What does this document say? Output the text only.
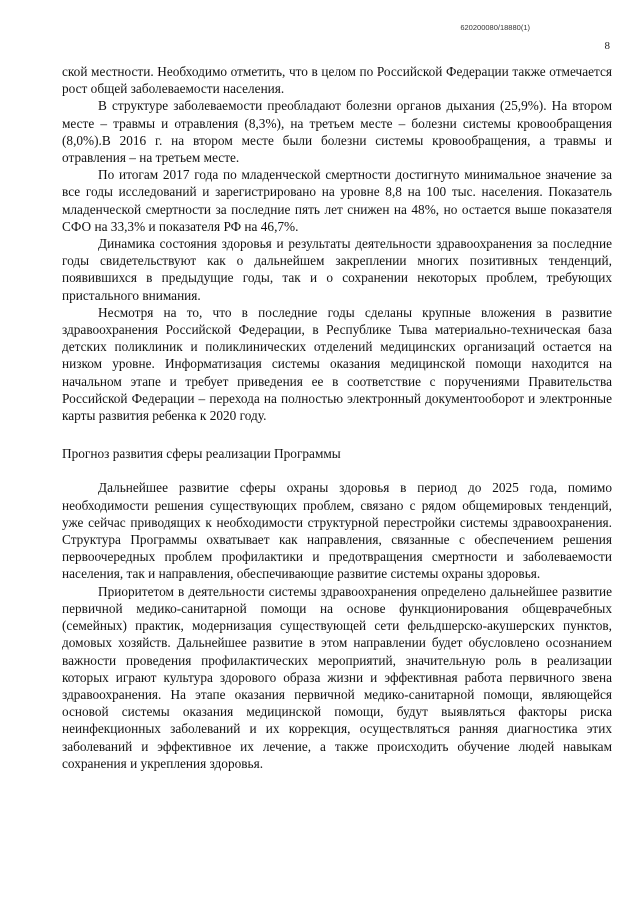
620200080/18880(1)
8

ской местности. Необходимо отметить, что в целом по Российской Федерации также отмечается рост общей заболеваемости населения.

В структуре заболеваемости преобладают болезни органов дыхания (25,9%). На втором месте – травмы и отравления (8,3%), на третьем месте – болезни системы кровообращения (8,0%).В 2016 г. на втором месте были болезни системы кровообращения, а травмы и отравления – на третьем месте.

По итогам 2017 года по младенческой смертности достигнуто минимальное значение за все годы исследований и зарегистрировано на уровне 8,8 на 100 тыс. населения. Показатель младенческой смертности за последние пять лет снижен на 48%, но остается выше показателя СФО на 33,3% и показателя РФ на 46,7%.

Динамика состояния здоровья и результаты деятельности здравоохранения за последние годы свидетельствуют как о дальнейшем закреплении многих позитивных тенденций, появившихся в предыдущие годы, так и о сохранении некоторых проблем, требующих пристального внимания.

Несмотря на то, что в последние годы сделаны крупные вложения в развитие здравоохранения Российской Федерации, в Республике Тыва материально-техническая база детских поликлиник и поликлинических отделений медицинских организаций остается на низком уровне. Информатизация системы оказания медицинской помощи находится на начальном этапе и требует приведения ее в соответствие с поручениями Правительства Российской Федерации – перехода на полностью электронный документооборот и электронные карты развития ребенка к 2020 году.

Прогноз развития сферы реализации Программы

Дальнейшее развитие сферы охраны здоровья в период до 2025 года, помимо необходимости решения существующих проблем, связано с рядом общемировых тенденций, уже сейчас приводящих к необходимости структурной перестройки системы здравоохранения. Структура Программы охватывает как направления, связанные с обеспечением решения первоочередных проблем профилактики и предотвращения смертности и заболеваемости населения, так и направления, обеспечивающие развитие системы охраны здоровья.

Приоритетом в деятельности системы здравоохранения определено дальнейшее развитие первичной медико-санитарной помощи на основе функционирования общеврачебных (семейных) практик, модернизация существующей сети фельдшерско-акушерских пунктов, домовых хозяйств. Дальнейшее развитие в этом направлении будет обусловлено осознанием важности проведения профилактических мероприятий, значительную роль в реализации которых играют культура здорового образа жизни и эффективная работа первичного звена здравоохранения. На этапе оказания первичной медико-санитарной помощи, являющейся основой системы оказания медицинской помощи, будут выявляться факторы риска неинфекционных заболеваний и их коррекция, осуществляться ранняя диагностика этих заболеваний и эффективное их лечение, а также происходить обучение людей навыкам сохранения и укрепления здоровья.
